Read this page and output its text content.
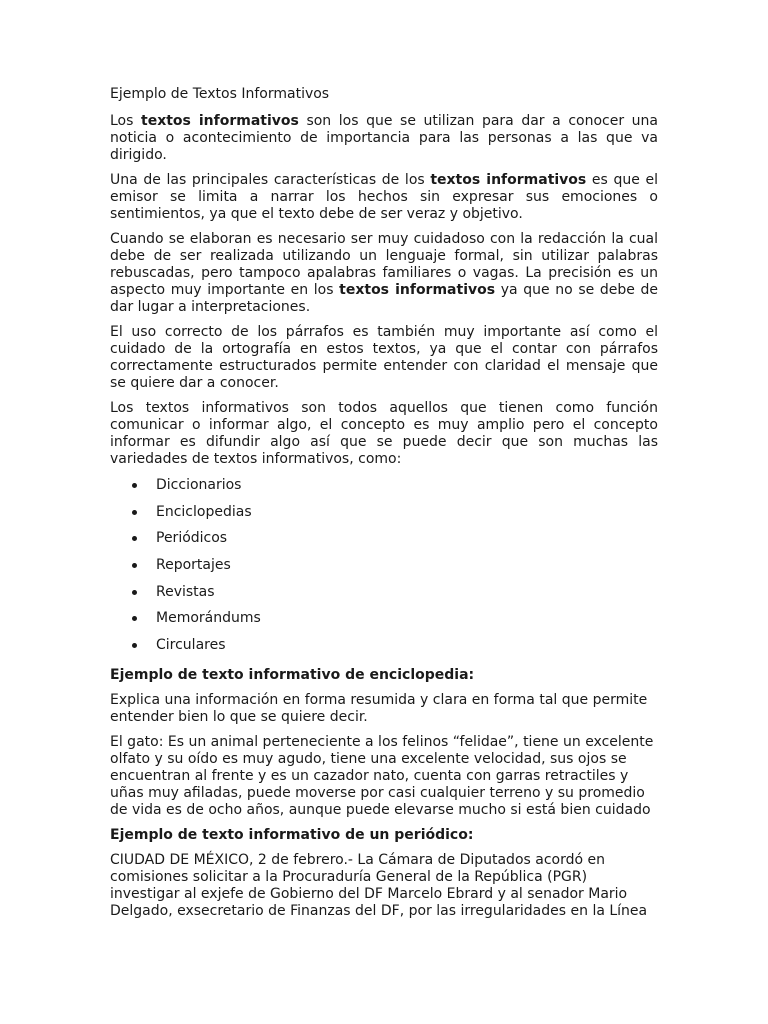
Ejemplo de Textos Informativos

Los textos informativos son los que se utilizan para dar a conocer una noticia o acontecimiento de importancia para las personas a las que va dirigido.

Una de las principales características de los textos informativos es que el emisor se limita a narrar los hechos sin expresar sus emociones o sentimientos, ya que el texto debe de ser veraz y objetivo.

Cuando se elaboran es necesario ser muy cuidadoso con la redacción la cual debe de ser realizada utilizando un lenguaje formal, sin utilizar palabras rebuscadas, pero tampoco apalabras familiares o vagas. La precisión es un aspecto muy importante en los textos informativos ya que no se debe de dar lugar a interpretaciones.

El uso correcto de los párrafos es también muy importante así como el cuidado de la ortografía en estos textos, ya que el contar con párrafos correctamente estructurados permite entender con claridad el mensaje que se quiere dar a conocer.

Los textos informativos son todos aquellos que tienen como función comunicar o informar algo, el concepto es muy amplio pero el concepto informar es difundir algo así que se puede decir que son muchas las variedades de textos informativos, como:

Diccionarios
Enciclopedias
Periódicos
Reportajes
Revistas
Memorándums
Circulares
Ejemplo de texto informativo de enciclopedia:

Explica una información en forma resumida y clara en forma tal que permite entender bien lo que se quiere decir.

El gato: Es un animal perteneciente a los felinos “felidae”, tiene un excelente olfato y su oído es muy agudo, tiene una excelente velocidad, sus ojos se encuentran al frente y es un cazador nato, cuenta con garras retractiles y uñas muy afiladas, puede moverse por casi cualquier terreno y su promedio de vida es de ocho años, aunque puede elevarse mucho si está bien cuidado

Ejemplo de texto informativo de un periódico:

CIUDAD DE MÉXICO, 2 de febrero.- La Cámara de Diputados acordó en comisiones solicitar a la Procuraduría General de la República (PGR) investigar al exjefe de Gobierno del DF Marcelo Ebrard y al senador Mario Delgado, exsecretario de Finanzas del DF, por las irregularidades en la Línea
